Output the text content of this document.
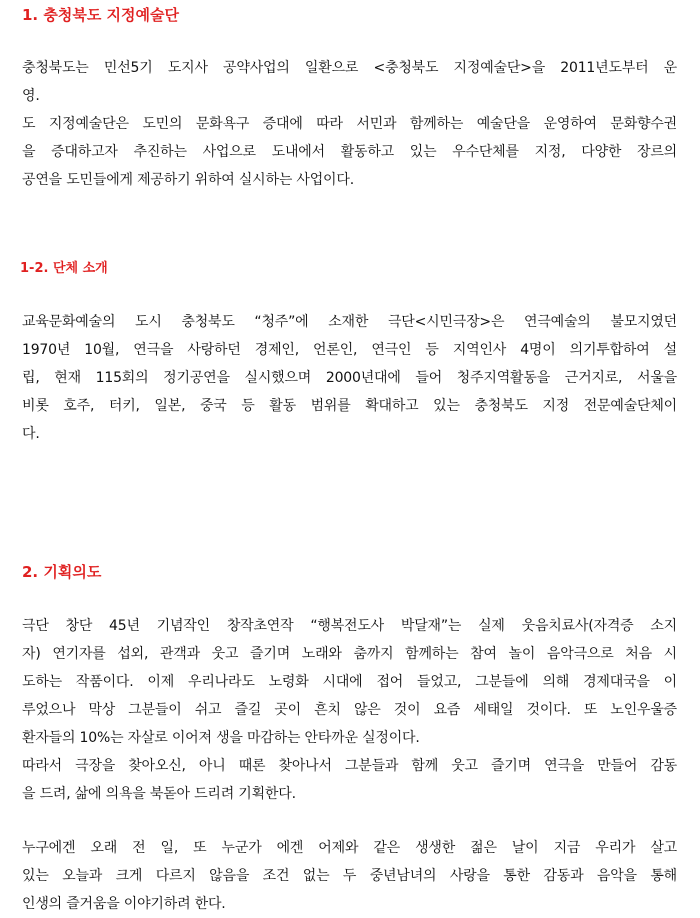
1. 충청북도 지정예술단
충청북도는 민선5기 도지사 공약사업의 일환으로 <충청북도 지정예술단>을 2011년도부터 운
영.
도 지정예술단은 도민의 문화욕구 증대에 따라 서민과 함께하는 예술단을 운영하여 문화향수권
을 증대하고자 추진하는 사업으로 도내에서 활동하고 있는 우수단체를 지정, 다양한 장르의
공연을 도민들에게 제공하기 위하여 실시하는 사업이다.
1-2. 단체 소개
교육문화예술의 도시 충청북도 “청주”에 소재한 극단<시민극장>은 연극예술의 불모지였던
1970년 10월, 연극을 사랑하던 경제인, 언론인, 연극인 등 지역인사 4명이 의기투합하여 설
립, 현재 115회의 정기공연을 실시했으며 2000년대에 들어 청주지역활동을 근거지로, 서울을
비롯 호주, 터키, 일본, 중국 등 활동 범위를 확대하고 있는 충청북도 지정 전문예술단체이
다.
2. 기획의도
극단 창단 45년 기념작인 창작초연작 “행복전도사 박달재”는 실제 웃음치료사(자격증 소지
자) 연기자를 섭외, 관객과 웃고 즐기며 노래와 춤까지 함께하는 참여 놀이 음악극으로 처음 시
도하는 작품이다. 이제 우리나라도 노령화 시대에 접어 들었고, 그분들에 의해 경제대국을 이
루었으나 막상 그분들이 쉬고 즐길 곳이 흔치 않은 것이 요즘 세태일 것이다. 또 노인우울증
환자들의 10%는 자살로 이어져 생을 마감하는 안타까운 실정이다.
따라서 극장을 찾아오신, 아니 때론 찾아나서 그분들과 함께 웃고 즐기며 연극을 만들어 감동
을 드려, 삶에 의욕을 북돋아 드리려 기획한다.
누구에겐 오래 전 일, 또 누군가 에겐 어제와 같은 생생한 젊은 날이 지금 우리가 살고
있는 오늘과 크게 다르지 않음을 조건 없는 두 중년남녀의 사랑을 통한 감동과 음악을 통해
인생의 즐거움을 이야기하려 한다.
